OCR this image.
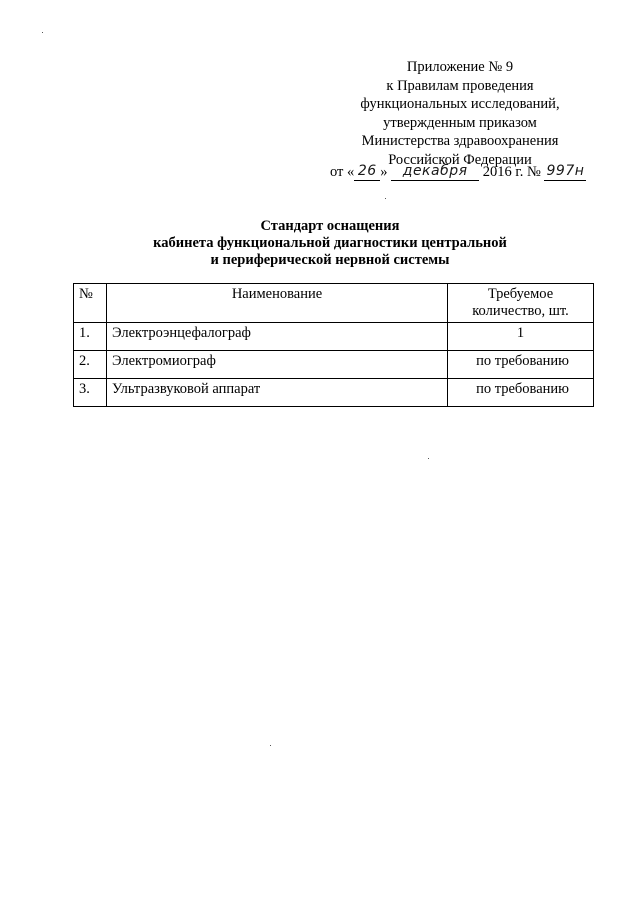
Приложение № 9
к Правилам проведения
функциональных исследований,
утвержденным приказом
Министерства здравоохранения
Российской Федерации
от « 26 » декабря 2016 г. № 997н
Стандарт оснащения
кабинета функциональной диагностики центральной
и периферической нервной системы
№	Наименование	Требуемое
количество, шт.

1.	Электроэнцефалограф	1
2.	Электромиограф	по требованию
3.	Ультразвуковой аппарат	по требованию
